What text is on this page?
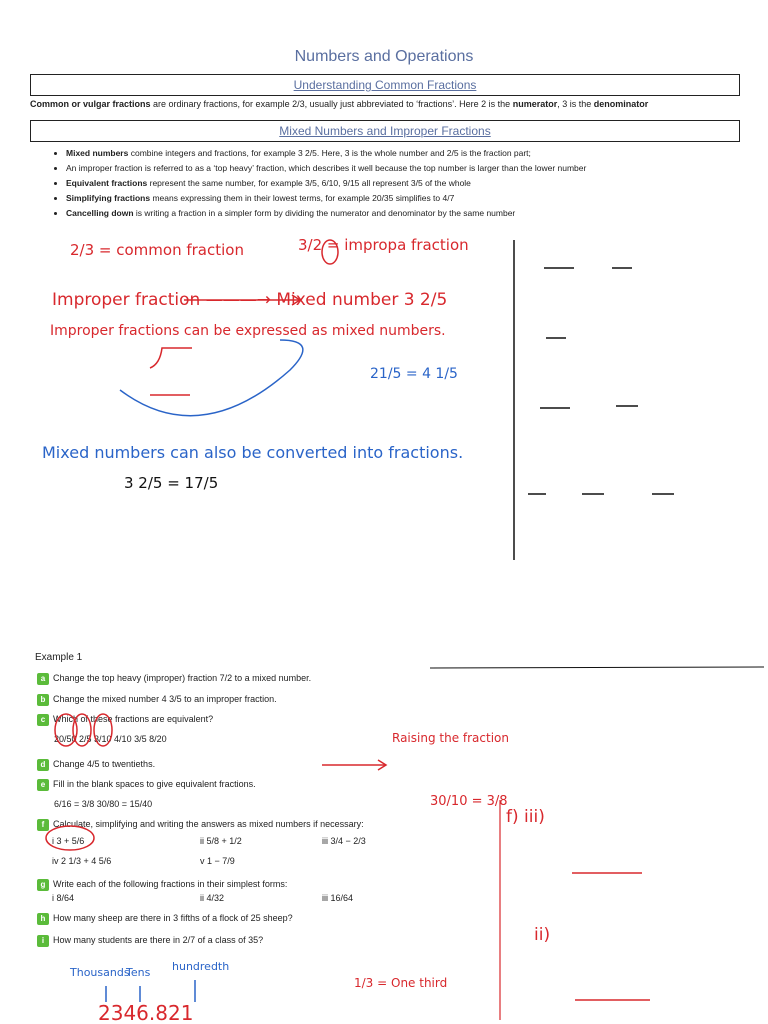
Numbers and Operations
Understanding Common Fractions
Common or vulgar fractions are ordinary fractions, for example 2/3, usually just abbreviated to ‘fractions’. Here 2 is the numerator, 3 is the denominator
Mixed Numbers and Improper Fractions
• Mixed numbers combine integers and fractions, for example 3 2/5. Here, 3 is the whole number and 2/5 is the fraction part;
• An improper fraction is referred to as a ‘top heavy’ fraction, which describes it well because the top number is larger than the lower number
• Equivalent fractions represent the same number, for example 3/5, 6/10, 9/15 all represent 3/5 of the whole
• Simplifying fractions means expressing them in their lowest terms, for example 20/35 simplifies to 4/7
• Cancelling down is writing a fraction in a simpler form by dividing the numerator and denominator by the same number
Example 1
a Change the top heavy (improper) fraction 7/2 to a mixed number.
b Change the mixed number 4 3/5 to an improper fraction.
c Which of these fractions are equivalent?
20/50 2/5 3/10 4/10 3/5 8/20
d Change 4/5 to twentieths.
e Fill in the blank spaces to give equivalent fractions.
6/16 = 3/8 30/80 = 15/40
f Calculate, simplifying and writing the answers as mixed numbers if necessary:
i 3 + 5/6	ii 5/8 + 1/2	iii 3/4 − 2/3
iv 2 1/3 + 4 5/6	v 1 − 7/9
g Write each of the following fractions in their simplest forms:
i 8/64	ii 4/32	iii 16/64
h How many sheep are there in 3 fifths of a flock of 25 sheep?
i How many students are there in 2/7 of a class of 35?
2/3 = common fraction	3/2 = impropa fraction
Improper fraction ———→ Mixed number 3 2/5
Improper fractions can be expressed as mixed numbers.
Raising the fraction
30/10 = 3/8
f) iii)
ii)
3 2/5 = 17/5
1/3 = One third
21/5 = 4 1/5
Mixed numbers can also be converted into fractions.
Thousands
Tens hundredth
2346.821
